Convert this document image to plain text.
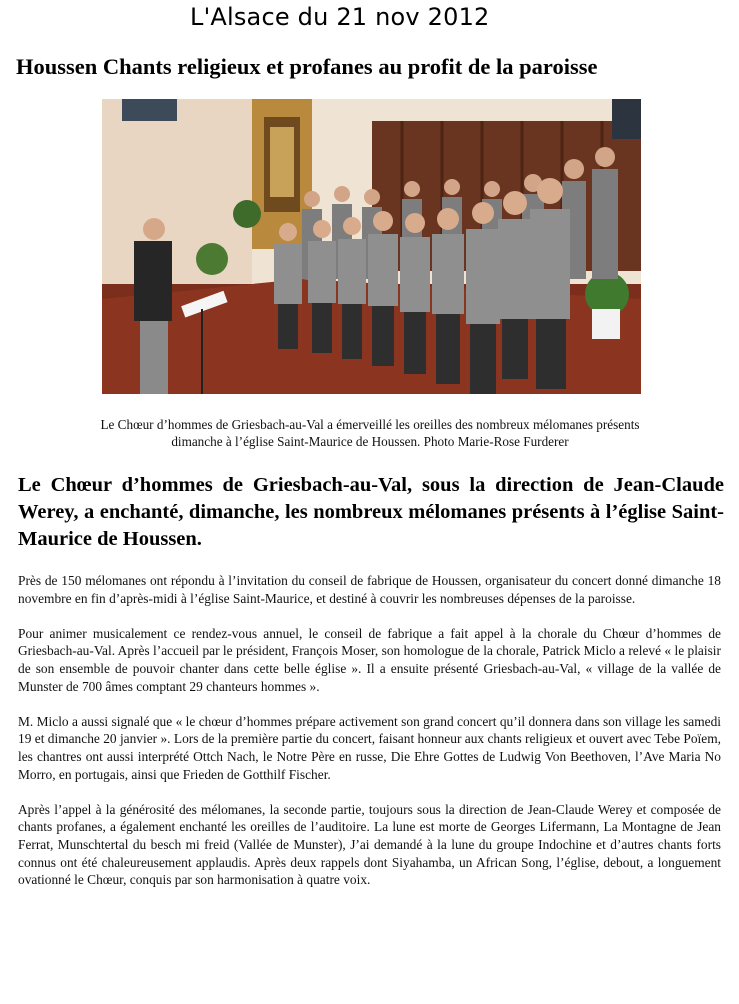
L'Alsace du 21 nov 2012
Houssen Chants religieux et profanes au profit de la paroisse
Le Chœur d’hommes de Griesbach-au-Val a émerveillé les oreilles des nombreux mélomanes présents
dimanche à l’église Saint-Maurice de Houssen. Photo Marie-Rose Furderer
Le Chœur d’hommes de Griesbach-au-Val, sous la direction de Jean-Claude Werey, a enchanté, dimanche, les nombreux mélomanes présents à l’église Saint-Maurice de Houssen.

Près de 150 mélomanes ont répondu à l’invitation du conseil de fabrique de Houssen, organisateur du concert donné dimanche 18 novembre en fin d’après-midi à l’église Saint-Maurice, et destiné à couvrir les nombreuses dépenses de la paroisse.

Pour animer musicalement ce rendez-vous annuel, le conseil de fabrique a fait appel à la chorale du Chœur d’hommes de Griesbach-au-Val. Après l’accueil par le président, François Moser, son homologue de la chorale, Patrick Miclo a relevé « le plaisir de son ensemble de pouvoir chanter dans cette belle église ». Il a ensuite présenté Griesbach-au-Val, « village de la vallée de Munster de 700 âmes comptant 29 chanteurs hommes ».

M. Miclo a aussi signalé que « le chœur d’hommes prépare activement son grand concert qu’il donnera dans son village les samedi 19 et dimanche 20 janvier ». Lors de la première partie du concert, faisant honneur aux chants religieux et ouvert avec Tebe Poïem, les chantres ont aussi interprété Ottch Nach, le Notre Père en russe, Die Ehre Gottes de Ludwig Von Beethoven, l’Ave Maria No Morro, en portugais, ainsi que Frieden de Gotthilf Fischer.

Après l’appel à la générosité des mélomanes, la seconde partie, toujours sous la direction de Jean-Claude Werey et composée de chants profanes, a également enchanté les oreilles de l’auditoire. La lune est morte de Georges Lifermann, La Montagne de Jean Ferrat, Munschtertal du besch mi freid (Vallée de Munster), J’ai demandé à la lune du groupe Indochine et d’autres chants forts connus ont été chaleureusement applaudis. Après deux rappels dont Siyahamba, un African Song, l’église, debout, a longuement ovationné le Chœur, conquis par son harmonisation à quatre voix.
